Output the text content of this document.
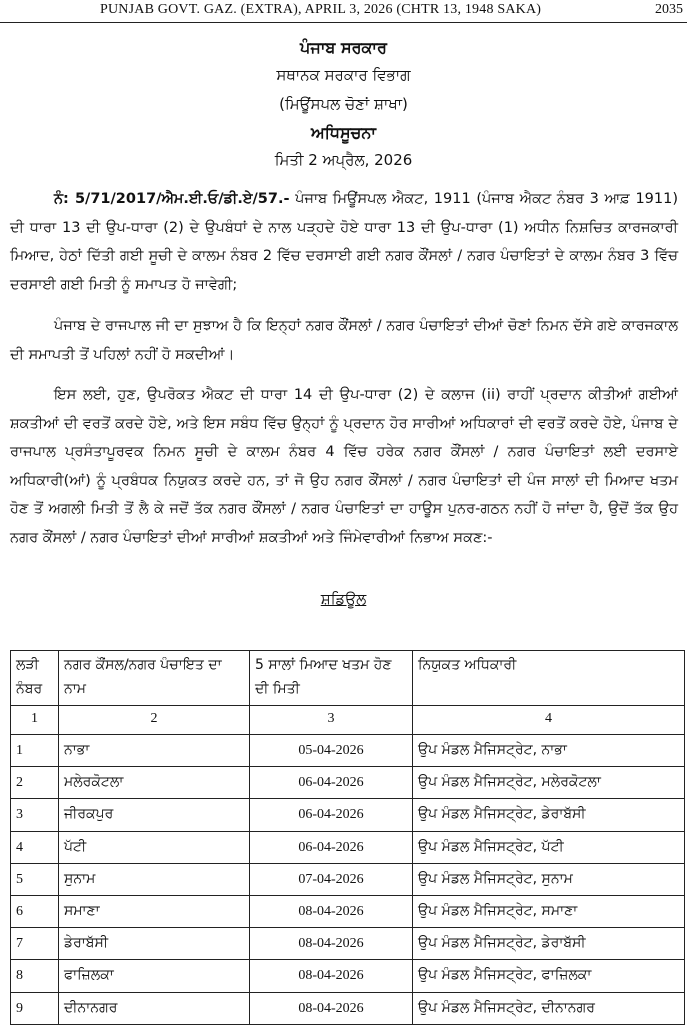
PUNJAB GOVT. GAZ. (EXTRA), APRIL 3, 2026 (CHTR 13, 1948 SAKA)	2035
ਪੰਜਾਬ ਸਰਕਾਰ
ਸਥਾਨਕ ਸਰਕਾਰ ਵਿਭਾਗ
(ਮਿਊਂਸਪਲ ਚੋਣਾਂ ਸ਼ਾਖਾ)
ਅਧਿਸੂਚਨਾ
ਮਿਤੀ 2 ਅਪ੍ਰੈਲ, 2026

ਨੰ: 5/71/2017/ਐਮ.ਈ.ਓ/ਡੀ.ਏ/57.- ਪੰਜਾਬ ਮਿਊਂਸਪਲ ਐਕਟ, 1911 (ਪੰਜਾਬ ਐਕਟ ਨੰਬਰ 3 ਆਫ਼ 1911) ਦੀ ਧਾਰਾ 13 ਦੀ ਉਪ-ਧਾਰਾ (2) ਦੇ ਉਪਬੰਧਾਂ ਦੇ ਨਾਲ ਪੜ੍ਹਦੇ ਹੋਏ ਧਾਰਾ 13 ਦੀ ਉਪ-ਧਾਰਾ (1) ਅਧੀਨ ਨਿਸ਼ਚਿਤ ਕਾਰਜਕਾਰੀ ਮਿਆਦ, ਹੇਠਾਂ ਦਿੱਤੀ ਗਈ ਸੂਚੀ ਦੇ ਕਾਲਮ ਨੰਬਰ 2 ਵਿੱਚ ਦਰਸਾਈ ਗਈ ਨਗਰ ਕੌਂਸਲਾਂ / ਨਗਰ ਪੰਚਾਇਤਾਂ ਦੇ ਕਾਲਮ ਨੰਬਰ 3 ਵਿੱਚ ਦਰਸਾਈ ਗਈ ਮਿਤੀ ਨੂੰ ਸਮਾਪਤ ਹੋ ਜਾਵੇਗੀ;

ਪੰਜਾਬ ਦੇ ਰਾਜਪਾਲ ਜੀ ਦਾ ਸੁਝਾਅ ਹੈ ਕਿ ਇਨ੍ਹਾਂ ਨਗਰ ਕੌਂਸਲਾਂ / ਨਗਰ ਪੰਚਾਇਤਾਂ ਦੀਆਂ ਚੋਣਾਂ ਨਿਮਨ ਦੱਸੇ ਗਏ ਕਾਰਜਕਾਲ ਦੀ ਸਮਾਪਤੀ ਤੋਂ ਪਹਿਲਾਂ ਨਹੀਂ ਹੋ ਸਕਦੀਆਂ।

ਇਸ ਲਈ, ਹੁਣ, ਉਪਰੋਕਤ ਐਕਟ ਦੀ ਧਾਰਾ 14 ਦੀ ਉਪ-ਧਾਰਾ (2) ਦੇ ਕਲਾਜ (ii) ਰਾਹੀਂ ਪ੍ਰਦਾਨ ਕੀਤੀਆਂ ਗਈਆਂ ਸ਼ਕਤੀਆਂ ਦੀ ਵਰਤੋਂ ਕਰਦੇ ਹੋਏ, ਅਤੇ ਇਸ ਸਬੰਧ ਵਿੱਚ ਉਨ੍ਹਾਂ ਨੂੰ ਪ੍ਰਦਾਨ ਹੋਰ ਸਾਰੀਆਂ ਅਧਿਕਾਰਾਂ ਦੀ ਵਰਤੋਂ ਕਰਦੇ ਹੋਏ, ਪੰਜਾਬ ਦੇ ਰਾਜਪਾਲ ਪ੍ਰਸੰਤਾਪੂਰਵਕ ਨਿਮਨ ਸੂਚੀ ਦੇ ਕਾਲਮ ਨੰਬਰ 4 ਵਿੱਚ ਹਰੇਕ ਨਗਰ ਕੌਂਸਲਾਂ / ਨਗਰ ਪੰਚਾਇਤਾਂ ਲਈ ਦਰਸਾਏ ਅਧਿਕਾਰੀ(ਆਂ) ਨੂੰ ਪ੍ਰਬੰਧਕ ਨਿਯੁਕਤ ਕਰਦੇ ਹਨ, ਤਾਂ ਜੋ ਉਹ ਨਗਰ ਕੌਂਸਲਾਂ / ਨਗਰ ਪੰਚਾਇਤਾਂ ਦੀ ਪੰਜ ਸਾਲਾਂ ਦੀ ਮਿਆਦ ਖਤਮ ਹੋਣ ਤੋਂ ਅਗਲੀ ਮਿਤੀ ਤੋਂ ਲੈ ਕੇ ਜਦੋਂ ਤੱਕ ਨਗਰ ਕੌਂਸਲਾਂ / ਨਗਰ ਪੰਚਾਇਤਾਂ ਦਾ ਹਾਊਸ ਪੁਨਰ-ਗਠਨ ਨਹੀਂ ਹੋ ਜਾਂਦਾ ਹੈ, ਉਦੋਂ ਤੱਕ ਉਹ ਨਗਰ ਕੌਂਸਲਾਂ / ਨਗਰ ਪੰਚਾਇਤਾਂ ਦੀਆਂ ਸਾਰੀਆਂ ਸ਼ਕਤੀਆਂ ਅਤੇ ਜਿੰਮੇਵਾਰੀਆਂ ਨਿਭਾਅ ਸਕਣ:-

ਸ਼ਡਿਊਲ
ਲੜੀ ਨੰਬਰ	ਨਗਰ ਕੌਂਸਲ/ਨਗਰ ਪੰਚਾਇਤ ਦਾ ਨਾਮ	5 ਸਾਲਾਂ ਮਿਆਦ ਖਤਮ ਹੋਣ ਦੀ ਮਿਤੀ	ਨਿਯੁਕਤ ਅਧਿਕਾਰੀ
1	2	3	4
1	ਨਾਭਾ	05-04-2026	ਉਪ ਮੰਡਲ ਮੈਜਿਸਟ੍ਰੇਟ, ਨਾਭਾ
2	ਮਲੇਰਕੋਟਲਾ	06-04-2026	ਉਪ ਮੰਡਲ ਮੈਜਿਸਟ੍ਰੇਟ, ਮਲੇਰਕੋਟਲਾ
3	ਜੀਰਕਪੁਰ	06-04-2026	ਉਪ ਮੰਡਲ ਮੈਜਿਸਟ੍ਰੇਟ, ਡੇਰਾਬੱਸੀ
4	ਪੱਟੀ	06-04-2026	ਉਪ ਮੰਡਲ ਮੈਜਿਸਟ੍ਰੇਟ, ਪੱਟੀ
5	ਸੁਨਾਮ	07-04-2026	ਉਪ ਮੰਡਲ ਮੈਜਿਸਟ੍ਰੇਟ, ਸੁਨਾਮ
6	ਸਮਾਣਾ	08-04-2026	ਉਪ ਮੰਡਲ ਮੈਜਿਸਟ੍ਰੇਟ, ਸਮਾਣਾ
7	ਡੇਰਾਬੱਸੀ	08-04-2026	ਉਪ ਮੰਡਲ ਮੈਜਿਸਟ੍ਰੇਟ, ਡੇਰਾਬੱਸੀ
8	ਫਾਜ਼ਿਲਕਾ	08-04-2026	ਉਪ ਮੰਡਲ ਮੈਜਿਸਟ੍ਰੇਟ, ਫਾਜ਼ਿਲਕਾ
9	ਦੀਨਾਨਗਰ	08-04-2026	ਉਪ ਮੰਡਲ ਮੈਜਿਸਟ੍ਰੇਟ, ਦੀਨਾਨਗਰ
